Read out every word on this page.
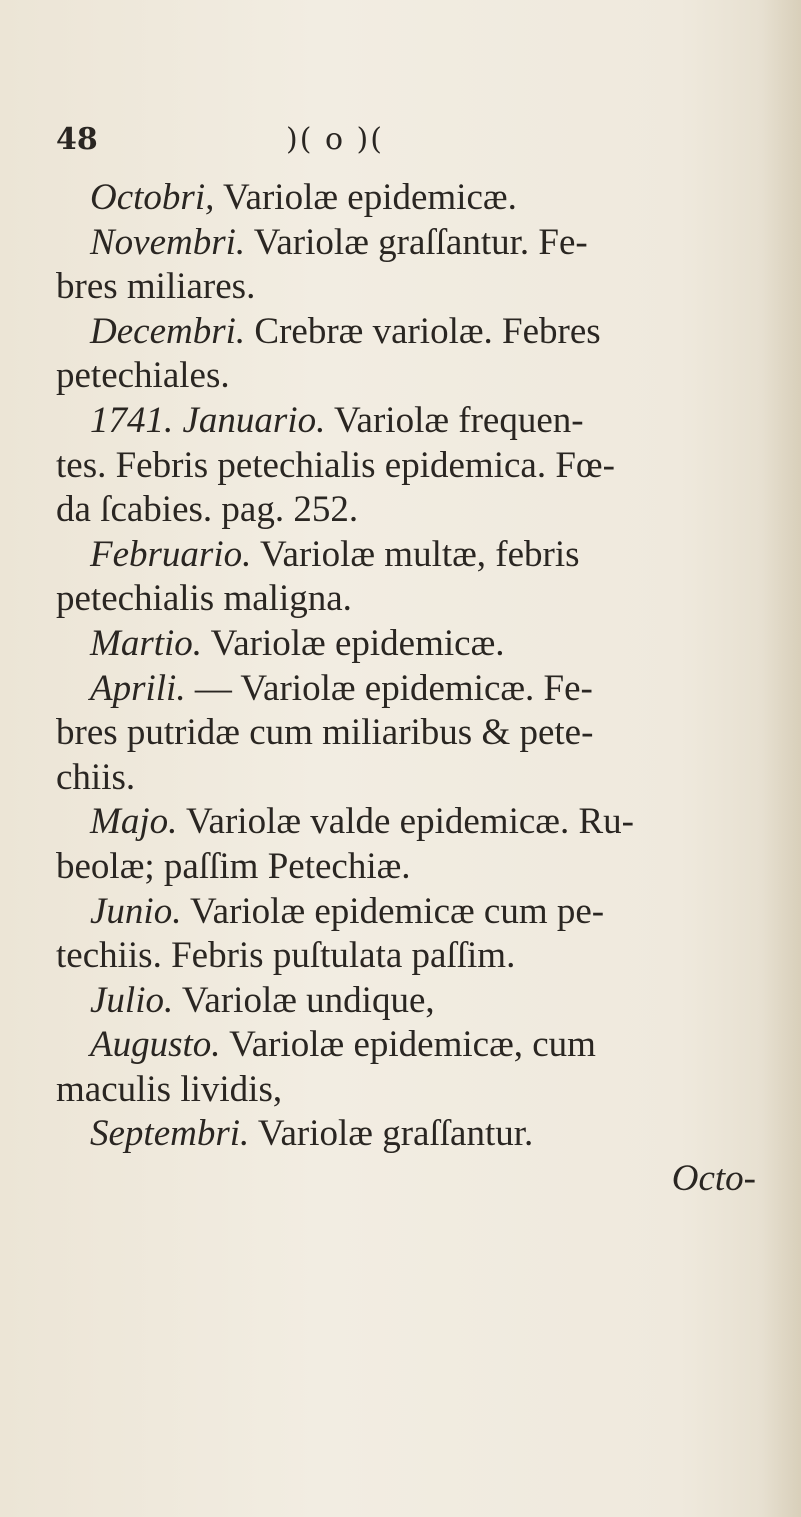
48	)( o )(
Octobri, Variolæ epidemicæ.
Novembri. Variolæ graſſantur. Fe-
bres miliares.
Decembri. Crebræ variolæ. Febres
petechiales.
1741. Januario. Variolæ frequen-
tes. Febris petechialis epidemica. Fœ-
da ſcabies. pag. 252.
Februario. Variolæ multæ, febris
petechialis maligna.
Martio. Variolæ epidemicæ.
Aprili. — Variolæ epidemicæ. Fe-
bres putridæ cum miliaribus & pete-
chiis.
Majo. Variolæ valde epidemicæ. Ru-
beolæ; paſſim Petechiæ.
Junio. Variolæ epidemicæ cum pe-
techiis. Febris puſtulata paſſim.
Julio. Variolæ undique,
Augusto. Variolæ epidemicæ, cum
maculis lividis,
Septembri. Variolæ graſſantur.
Octo-
